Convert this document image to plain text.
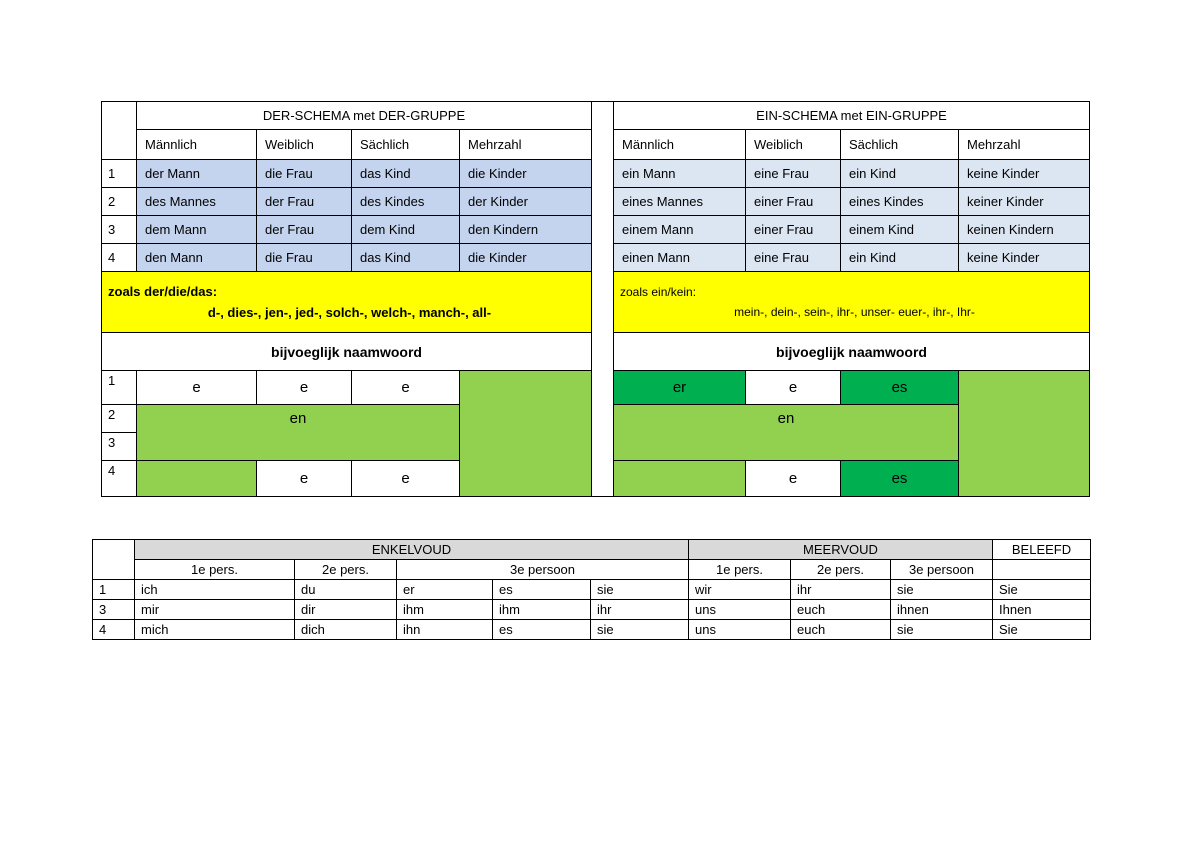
	DER-SCHEMA met DER-GRUPPE					EIN-SCHEMA met EIN-GRUPPE			
	Männlich	Weiblich	Sächlich	Mehrzahl		Männlich	Weiblich	Sächlich	Mehrzahl
1	der Mann	die Frau	das Kind	die Kinder		ein Mann	eine Frau	ein Kind	keine Kinder
2	des Mannes	der Frau	des Kindes	der Kinder		eines Mannes	einer Frau	eines Kindes	keiner Kinder
3	dem Mann	der Frau	dem Kind	den Kindern		einem Mann	einer Frau	einem Kind	keinen Kindern
4	den Mann	die Frau	das Kind	die Kinder		einen Mann	eine Frau	ein Kind	keine Kinder

zoals der/die/das:
d-, dies-, jen-, jed-, solch-, welch-, manch-, all-						zoals ein/kein:
mein-, dein-, sein-, ihr-, unser- euer-, ihr-, Ihr-			

bijvoeglijk naamwoord						bijvoeglijk naamwoord			
1	e	e	e			er	e	es	
2	en					en			
3									
4		e	e				e	es	
	ENKELVOUD					MEERVOUD			BELEEFD
	1e pers.	2e pers.	3e persoon			1e pers.	2e pers.	3e persoon	
1	ich	du	er	es	sie	wir	ihr	sie	Sie
3	mir	dir	ihm	ihm	ihr	uns	euch	ihnen	Ihnen
4	mich	dich	ihn	es	sie	uns	euch	sie	Sie
